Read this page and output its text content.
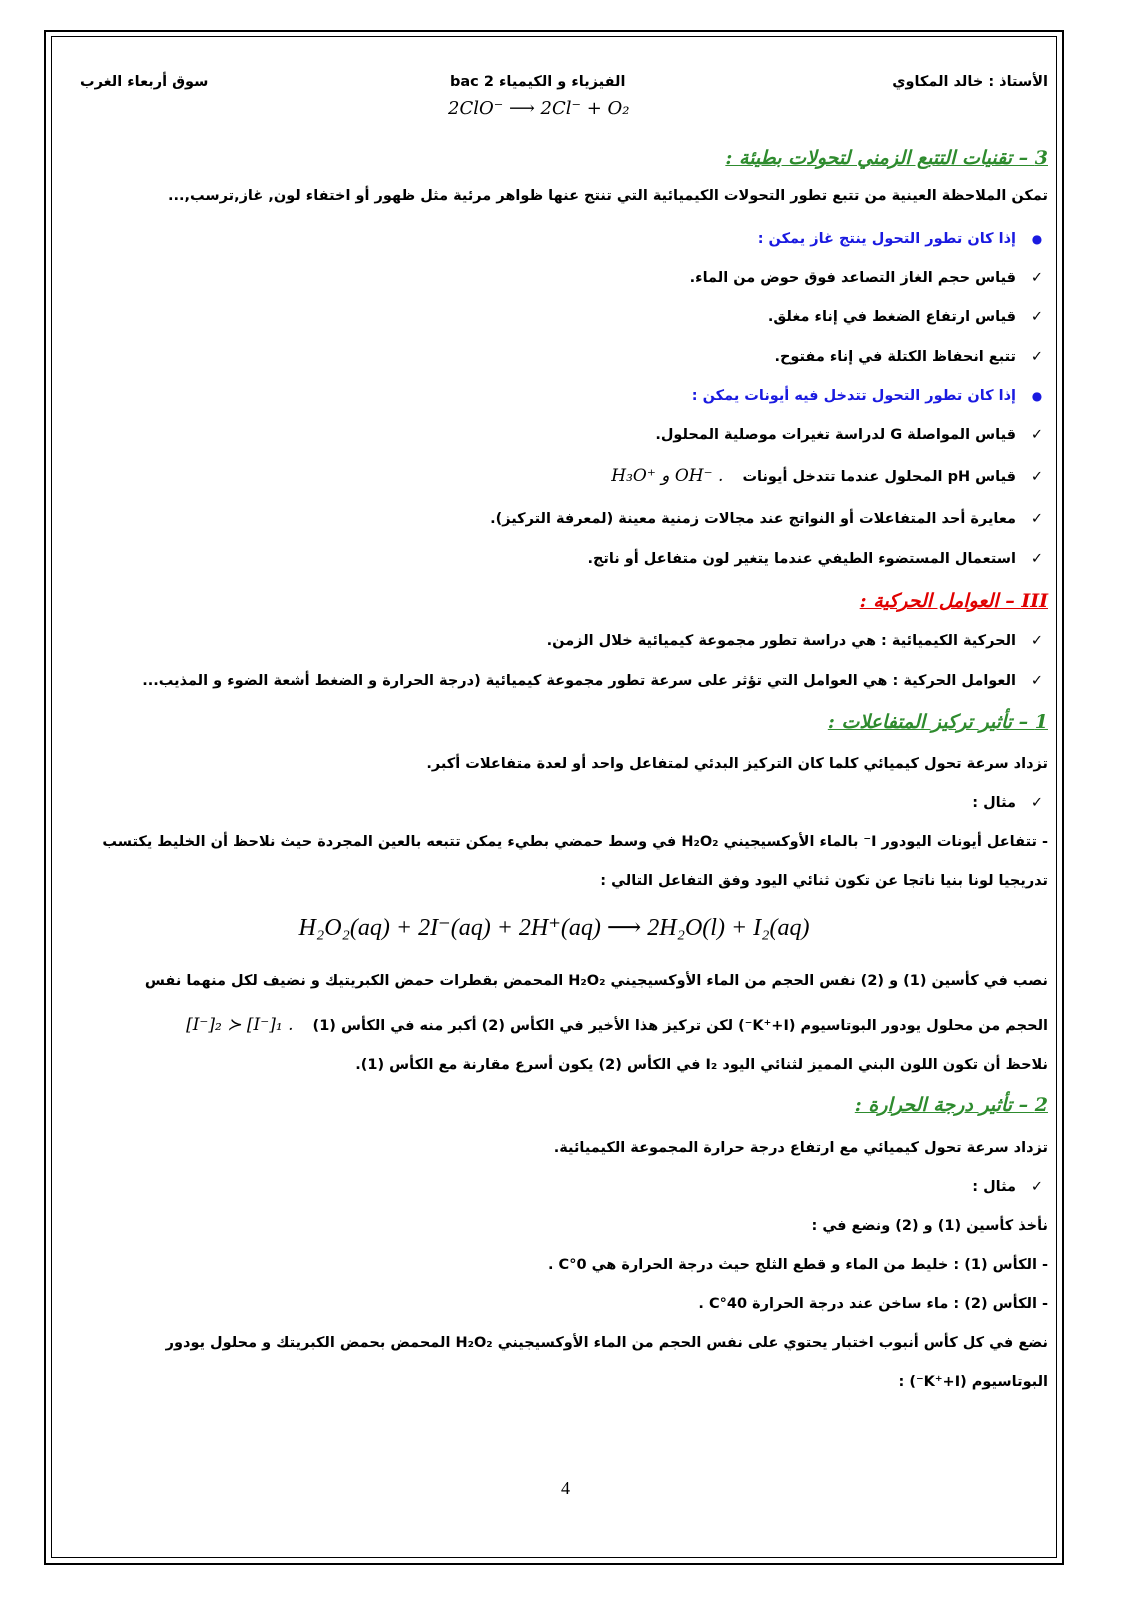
الأستاذ : خالد المكاوي
الفيزياء و الكيمياء 2 bac
سوق أربعاء الغرب
2ClO⁻ ⟶ 2Cl⁻ + O₂
3 – تقنيات التتبع الزمني لتحولات بطيئة :
تمكن الملاحظة العينية من تتبع تطور التحولات الكيميائية التي تنتج عنها ظواهر مرئية مثل ظهور أو اختفاء لون, غاز,ترسب,...
●إذا كان تطور التحول ينتج غاز يمكن :
✓قياس حجم الغاز التصاعد فوق حوض من الماء.
✓قياس ارتفاع الضغط في إناء مغلق.
✓تتبع انحفاظ الكتلة في إناء مفتوح.
●إذا كان تطور التحول تتدخل فيه أيونات يمكن :
✓قياس المواصلة G لدراسة تغيرات موصلية المحلول.
✓قياس pH المحلول عندما تتدخل أيونات H₃O⁺ و OH⁻ .
✓معايرة أحد المتفاعلات أو النواتج عند مجالات زمنية معينة (لمعرفة التركيز).
✓استعمال المستضوء الطيفي عندما يتغير لون متفاعل أو ناتج.
III – العوامل الحركية :
✓الحركية الكيميائية : هي دراسة تطور مجموعة كيميائية خلال الزمن.
✓العوامل الحركية : هي العوامل التي تؤثر على سرعة تطور مجموعة كيميائية (درجة الحرارة و الضغط أشعة الضوء و المذيب...
1 – تأثير تركيز المتفاعلات :
تزداد سرعة تحول كيميائي كلما كان التركيز البدئي لمتفاعل واحد أو لعدة متفاعلات أكبر.
✓مثال :
- تتفاعل أيونات اليودور I⁻ بالماء الأوكسيجيني H₂O₂ في وسط حمضي بطيء يمكن تتبعه بالعين المجردة حيث نلاحظ أن الخليط يكتسب
تدريجيا لونا بنيا ناتجا عن تكون ثنائي اليود وفق التفاعل التالي :
H₂O₂(aq) + 2I⁻(aq) + 2H⁺(aq) ⟶ 2H₂O(l) + I₂(aq)
نصب في كأسين (1) و (2) نفس الحجم من الماء الأوكسيجيني H₂O₂ المحمض بقطرات حمض الكبريتيك و نضيف لكل منهما نفس
الحجم من محلول يودور البوتاسيوم (K⁺+I⁻) لكن تركيز هذا الأخير في الكأس (2) أكبر منه في الكأس (1) [I⁻]₂ ≻ [I⁻]₁ .
نلاحظ أن تكون اللون البني المميز لثنائي اليود I₂ في الكأس (2) يكون أسرع مقارنة مع الكأس (1).
2 – تأثير درجة الحرارة :
تزداد سرعة تحول كيميائي مع ارتفاع درجة حرارة المجموعة الكيميائية.
✓مثال :
نأخذ كأسين (1) و (2) ونضع في :
- الكأس (1) : خليط من الماء و قطع الثلج حيث درجة الحرارة هي 0°C .
- الكأس (2) : ماء ساخن عند درجة الحرارة 40°C .
نضع في كل كأس أنبوب اختبار يحتوي على نفس الحجم من الماء الأوكسيجيني H₂O₂ المحمض بحمض الكبريتك و محلول يودور
البوتاسيوم (K⁺+I⁻) :
4
